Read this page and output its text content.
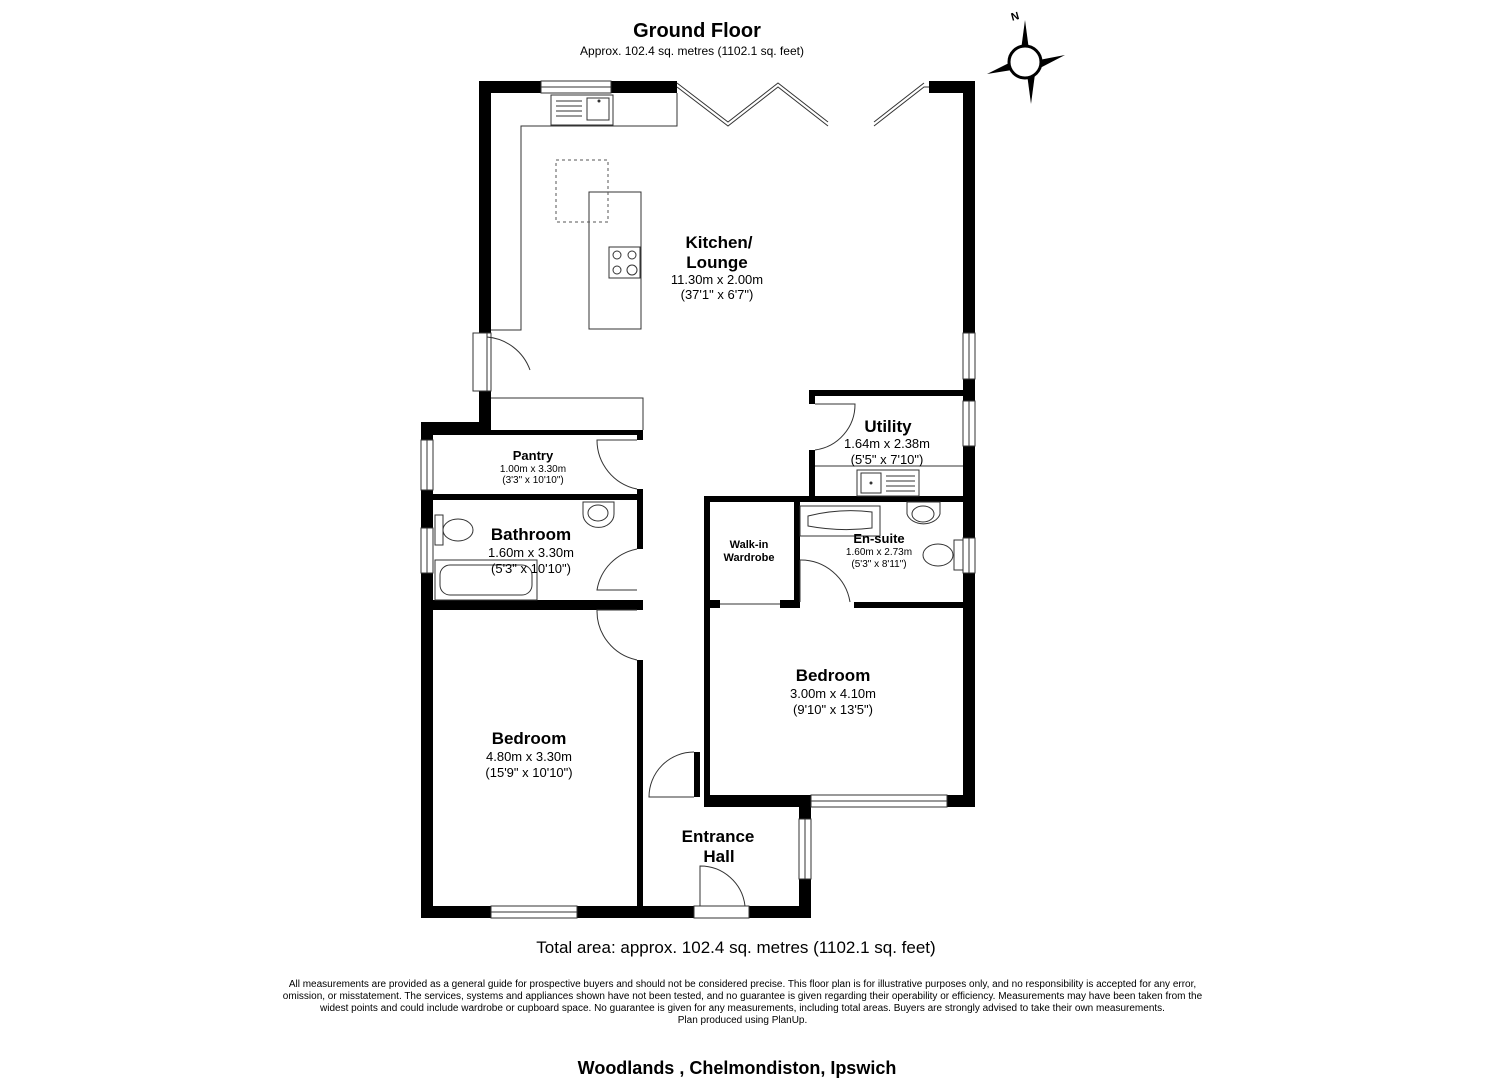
Ground Floor
Approx. 102.4 sq. metres (1102.1 sq. feet)
N
Kitchen/
Lounge
11.30m x 2.00m
(37'1" x 6'7")
Utility
1.64m x 2.38m
(5'5" x 7'10")
Pantry
1.00m x 3.30m
(3'3" x 10'10")
Bathroom
1.60m x 3.30m
(5'3" x 10'10")
Walk-in
Wardrobe
En-suite
1.60m x 2.73m
(5'3" x 8'11")
Bedroom
3.00m x 4.10m
(9'10" x 13'5")
Bedroom
4.80m x 3.30m
(15'9" x 10'10")
Entrance
Hall
Total area: approx. 102.4 sq. metres (1102.1 sq. feet)
Woodlands , Chelmondiston, Ipswich

All measurements are provided as a general guide for prospective buyers and should not be considered precise. This floor plan is for illustrative purposes only, and no responsibility is accepted for any error, omission, or misstatement. The services, systems and appliances shown have not been tested, and no guarantee is given regarding their operability or efficiency. Measurements may have been taken from the widest points and could include wardrobe or cupboard space. No guarantee is given for any measurements, including total areas. Buyers are strongly advised to take their own measurements.

Plan produced using PlanUp.
